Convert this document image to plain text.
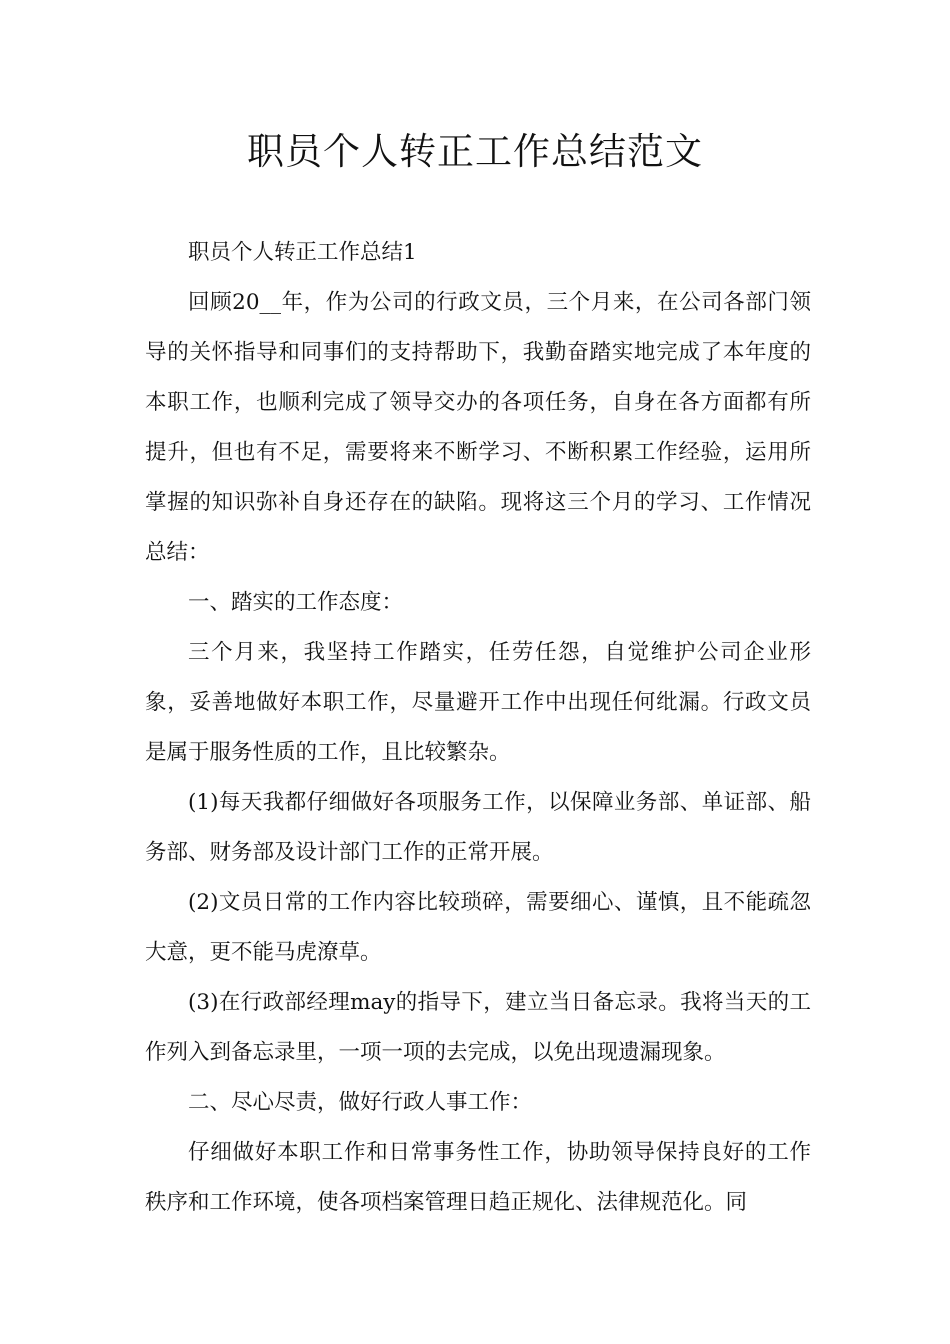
职员个人转正工作总结范文

职员个人转正工作总结1

回顾20__年，作为公司的行政文员，三个月来，在公司各部门领导的关怀指导和同事们的支持帮助下，我勤奋踏实地完成了本年度的本职工作，也顺利完成了领导交办的各项任务，自身在各方面都有所提升，但也有不足，需要将来不断学习、不断积累工作经验，运用所掌握的知识弥补自身还存在的缺陷。现将这三个月的学习、工作情况总结：

一、踏实的工作态度：

三个月来，我坚持工作踏实，任劳任怨，自觉维护公司企业形象，妥善地做好本职工作，尽量避开工作中出现任何纰漏。行政文员是属于服务性质的工作，且比较繁杂。

(1)每天我都仔细做好各项服务工作，以保障业务部、单证部、船务部、财务部及设计部门工作的正常开展。

(2)文员日常的工作内容比较琐碎，需要细心、谨慎，且不能疏忽大意，更不能马虎潦草。

(3)在行政部经理may的指导下，建立当日备忘录。我将当天的工作列入到备忘录里，一项一项的去完成，以免出现遗漏现象。

二、尽心尽责，做好行政人事工作：

仔细做好本职工作和日常事务性工作，协助领导保持良好的工作秩序和工作环境，使各项档案管理日趋正规化、法律规范化。同
